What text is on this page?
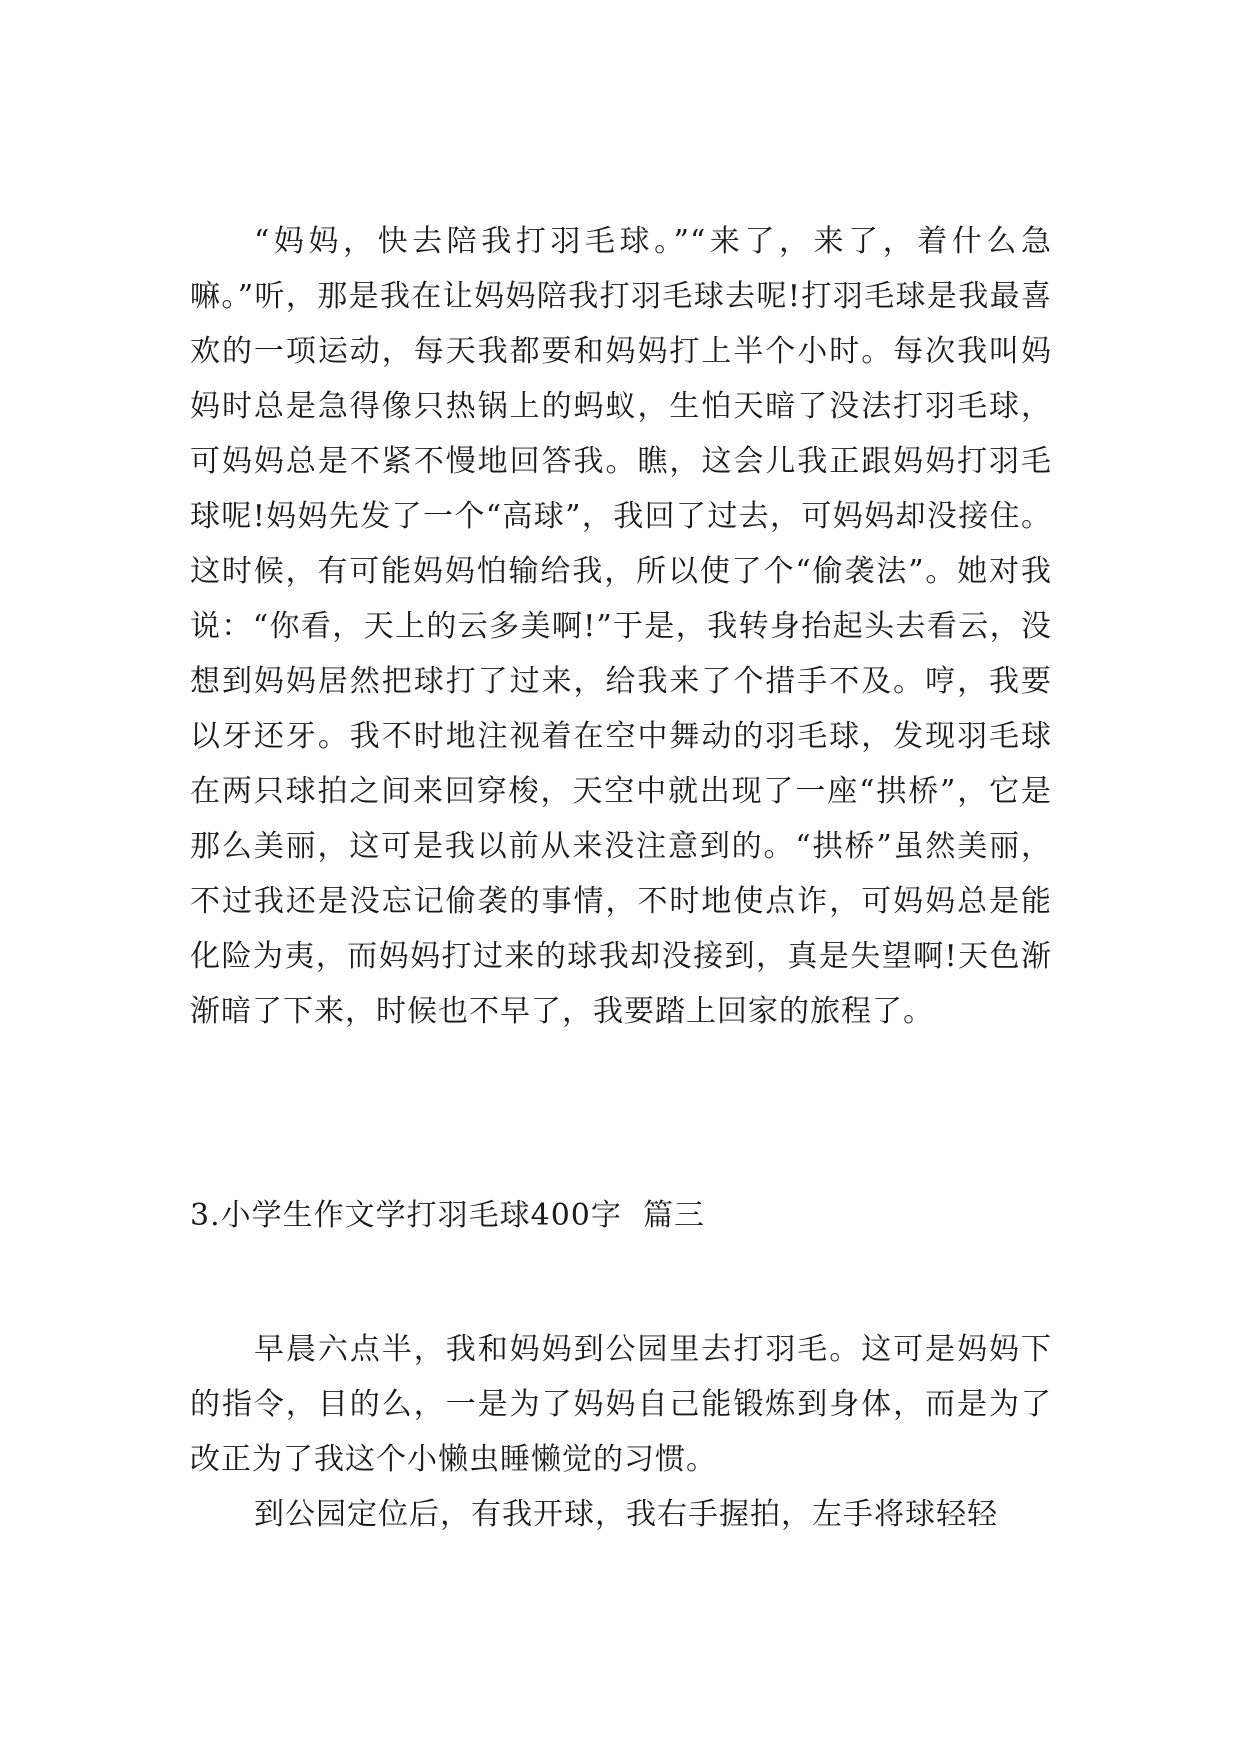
“妈妈，快去陪我打羽毛球。”“来了，来了，着什么急嘛。”听，那是我在让妈妈陪我打羽毛球去呢!打羽毛球是我最喜欢的一项运动，每天我都要和妈妈打上半个小时。每次我叫妈妈时总是急得像只热锅上的蚂蚁，生怕天暗了没法打羽毛球，可妈妈总是不紧不慢地回答我。瞧，这会儿我正跟妈妈打羽毛球呢!妈妈先发了一个“高球”，我回了过去，可妈妈却没接住。这时候，有可能妈妈怕输给我，所以使了个“偷袭法”。她对我说：“你看，天上的云多美啊!”于是，我转身抬起头去看云，没想到妈妈居然把球打了过来，给我来了个措手不及。哼，我要以牙还牙。我不时地注视着在空中舞动的羽毛球，发现羽毛球在两只球拍之间来回穿梭，天空中就出现了一座“拱桥”，它是那么美丽，这可是我以前从来没注意到的。“拱桥”虽然美丽，不过我还是没忘记偷袭的事情，不时地使点诈，可妈妈总是能化险为夷，而妈妈打过来的球我却没接到，真是失望啊!天色渐渐暗了下来，时候也不早了，我要踏上回家的旅程了。

3.小学生作文学打羽毛球400字  篇三

早晨六点半，我和妈妈到公园里去打羽毛。这可是妈妈下的指令，目的么，一是为了妈妈自己能锻炼到身体，而是为了改正为了我这个小懒虫睡懒觉的习惯。

到公园定位后，有我开球，我右手握拍，左手将球轻轻
